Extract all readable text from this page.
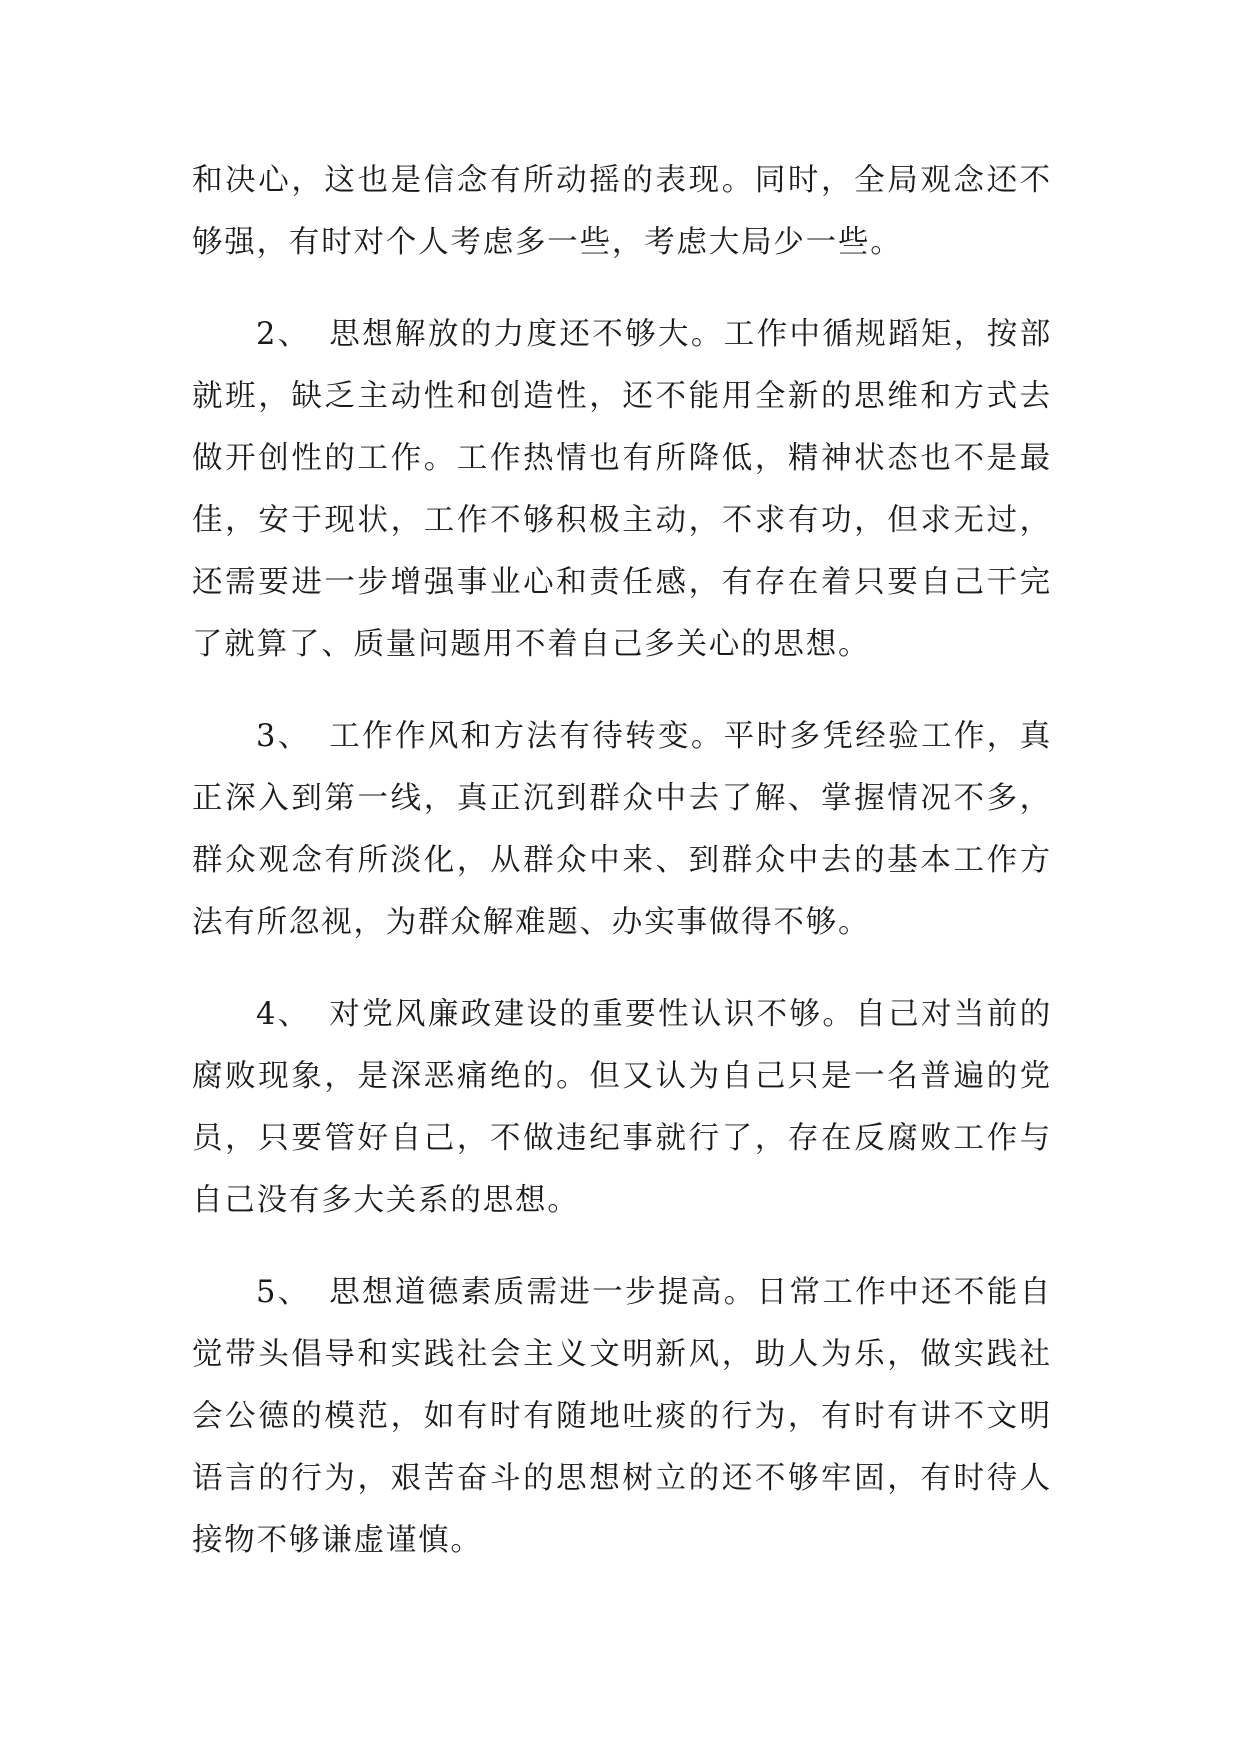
和决心，这也是信念有所动摇的表现。同时，全局观念还不够强，有时对个人考虑多一些，考虑大局少一些。

2、 思想解放的力度还不够大。工作中循规蹈矩，按部就班，缺乏主动性和创造性，还不能用全新的思维和方式去做开创性的工作。工作热情也有所降低，精神状态也不是最佳，安于现状，工作不够积极主动，不求有功，但求无过，还需要进一步增强事业心和责任感，有存在着只要自己干完了就算了、质量问题用不着自己多关心的思想。

3、 工作作风和方法有待转变。平时多凭经验工作，真正深入到第一线，真正沉到群众中去了解、掌握情况不多，群众观念有所淡化，从群众中来、到群众中去的基本工作方法有所忽视，为群众解难题、办实事做得不够。

4、 对党风廉政建设的重要性认识不够。自己对当前的腐败现象，是深恶痛绝的。但又认为自己只是一名普遍的党员，只要管好自己，不做违纪事就行了，存在反腐败工作与自己没有多大关系的思想。

5、 思想道德素质需进一步提高。日常工作中还不能自觉带头倡导和实践社会主义文明新风，助人为乐，做实践社会公德的模范，如有时有随地吐痰的行为，有时有讲不文明语言的行为，艰苦奋斗的思想树立的还不够牢固，有时待人接物不够谦虚谨慎。
